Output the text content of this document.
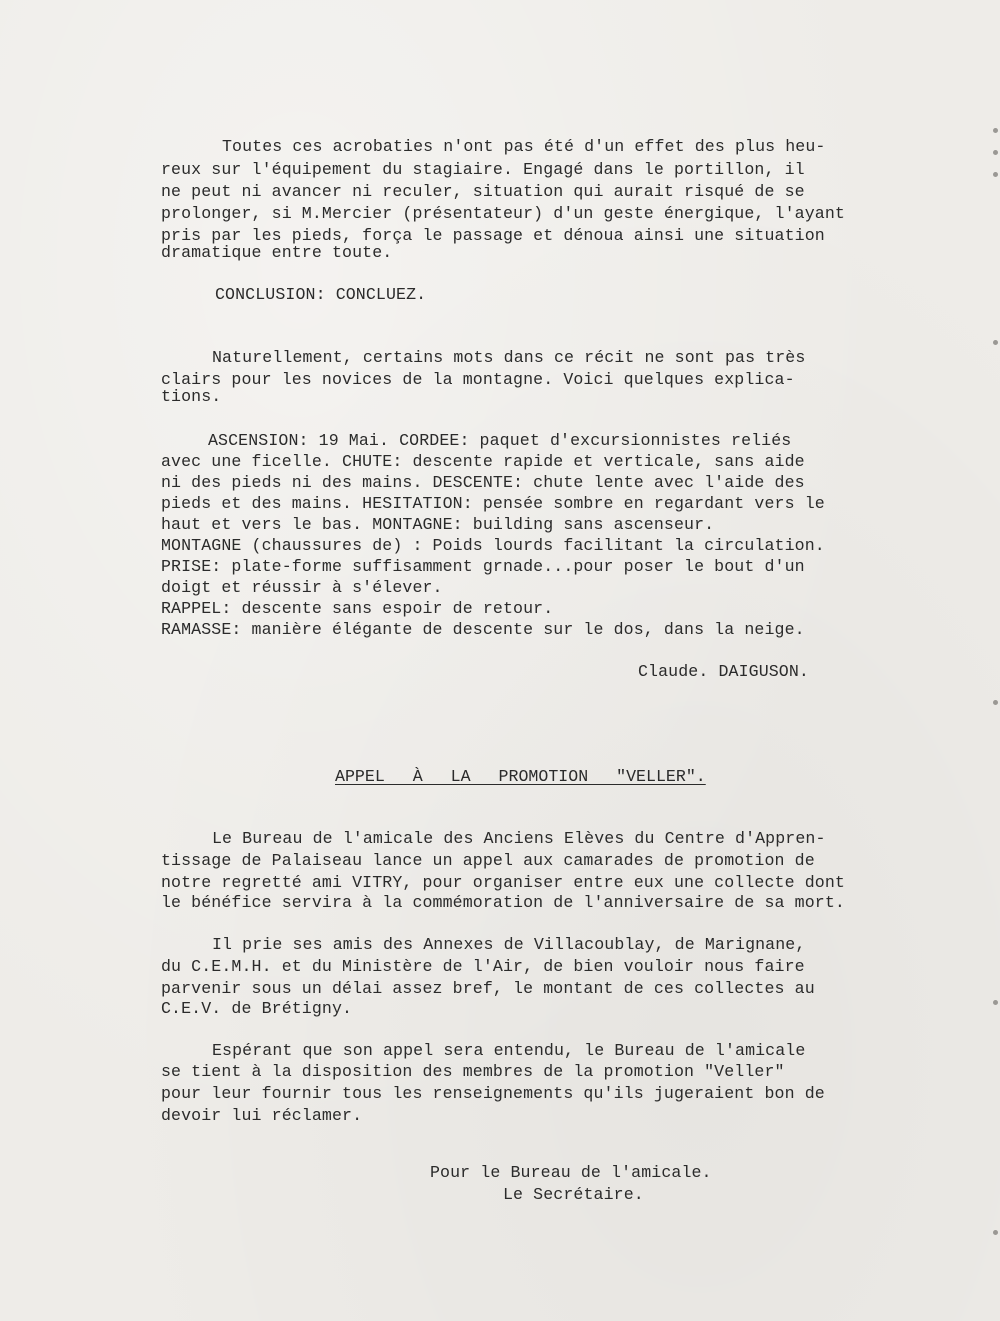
Toutes ces acrobaties n'ont pas été d'un effet des plus heu-
reux sur l'équipement du stagiaire. Engagé dans le portillon, il
ne peut ni avancer ni reculer, situation qui aurait risqué de se
prolonger, si M.Mercier (présentateur) d'un geste énergique, l'ayant
pris par les pieds, força le passage et dénoua ainsi une situation
dramatique entre toute.
CONCLUSION: CONCLUEZ.
Naturellement, certains mots dans ce récit ne sont pas très
clairs pour les novices de la montagne. Voici quelques explica-
tions.
ASCENSION: 19 Mai. CORDEE: paquet d'excursionnistes reliés
avec une ficelle. CHUTE: descente rapide et verticale, sans aide
ni des pieds ni des mains. DESCENTE: chute lente avec l'aide des
pieds et des mains. HESITATION: pensée sombre en regardant vers le
haut et vers le bas. MONTAGNE: building sans ascenseur.
MONTAGNE (chaussures de) : Poids lourds facilitant la circulation.
PRISE: plate-forme suffisamment grnade...pour poser le bout d'un
doigt et réussir à s'élever.
RAPPEL: descente sans espoir de retour.
RAMASSE: manière élégante de descente sur le dos, dans la neige.
Claude. DAIGUSON.
APPEL À LA PROMOTION "VELLER".
Le Bureau de l'amicale des Anciens Elèves du Centre d'Appren-
tissage de Palaiseau lance un appel aux camarades de promotion de
notre regretté ami VITRY, pour organiser entre eux une collecte dont
le bénéfice servira à la commémoration de l'anniversaire de sa mort.
Il prie ses amis des Annexes de Villacoublay, de Marignane,
du C.E.M.H. et du Ministère de l'Air, de bien vouloir nous faire
parvenir sous un délai assez bref, le montant de ces collectes au
C.E.V. de Brétigny.
Espérant que son appel sera entendu, le Bureau de l'amicale
se tient à la disposition des membres de la promotion "Veller"
pour leur fournir tous les renseignements qu'ils jugeraient bon de
devoir lui réclamer.
Pour le Bureau de l'amicale.
Le Secrétaire.
